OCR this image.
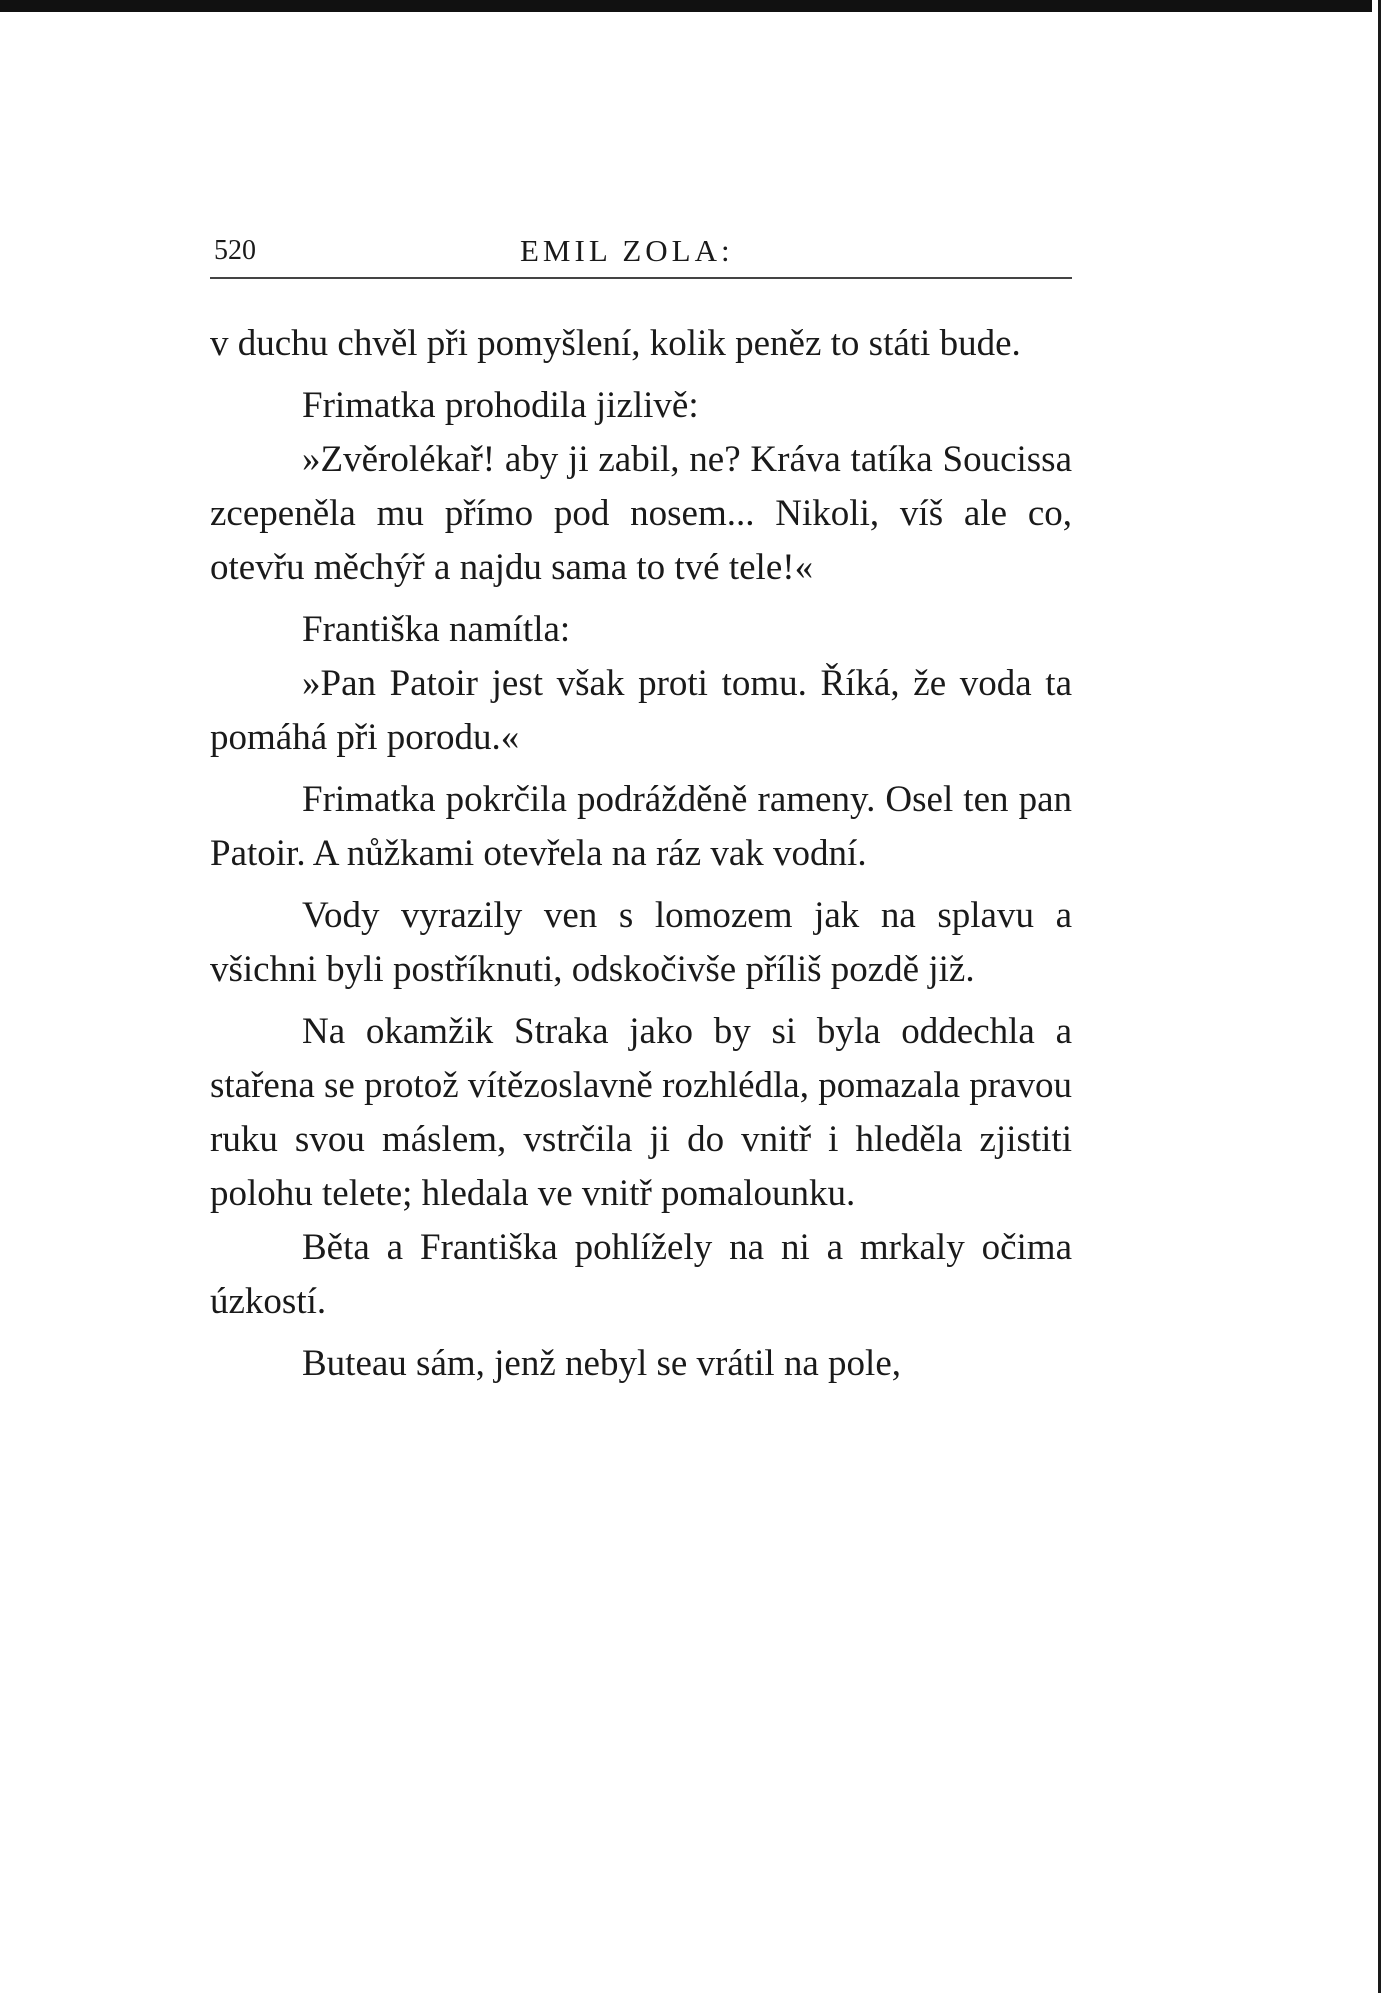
520	EMIL ZOLA:

v duchu chvěl při pomyšlení, kolik peněz to státi bude.

Frimatka prohodila jizlivě:

»Zvěrolékař! aby ji zabil, ne? Kráva tatíka Soucissa zcepeněla mu přímo pod nosem... Nikoli, víš ale co, otevřu měchýř a najdu sama to tvé tele!«

Františka namítla:

»Pan Patoir jest však proti tomu. Říká, že voda ta pomáhá při porodu.«

Frimatka pokrčila podrážděně rameny. Osel ten pan Patoir. A nůžkami otevřela na ráz vak vodní.

Vody vyrazily ven s lomozem jak na splavu a všichni byli postříknuti, odskočivše příliš pozdě již.

Na okamžik Straka jako by si byla oddechla a stařena se protož vítězoslavně rozhlédla, pomazala pravou ruku svou máslem, vstrčila ji do vnitř i hleděla zjistiti polohu telete; hledala ve vnitř pomalounku.

Běta a Františka pohlížely na ni a mrkaly očima úzkostí.

Buteau sám, jenž nebyl se vrátil na pole,
